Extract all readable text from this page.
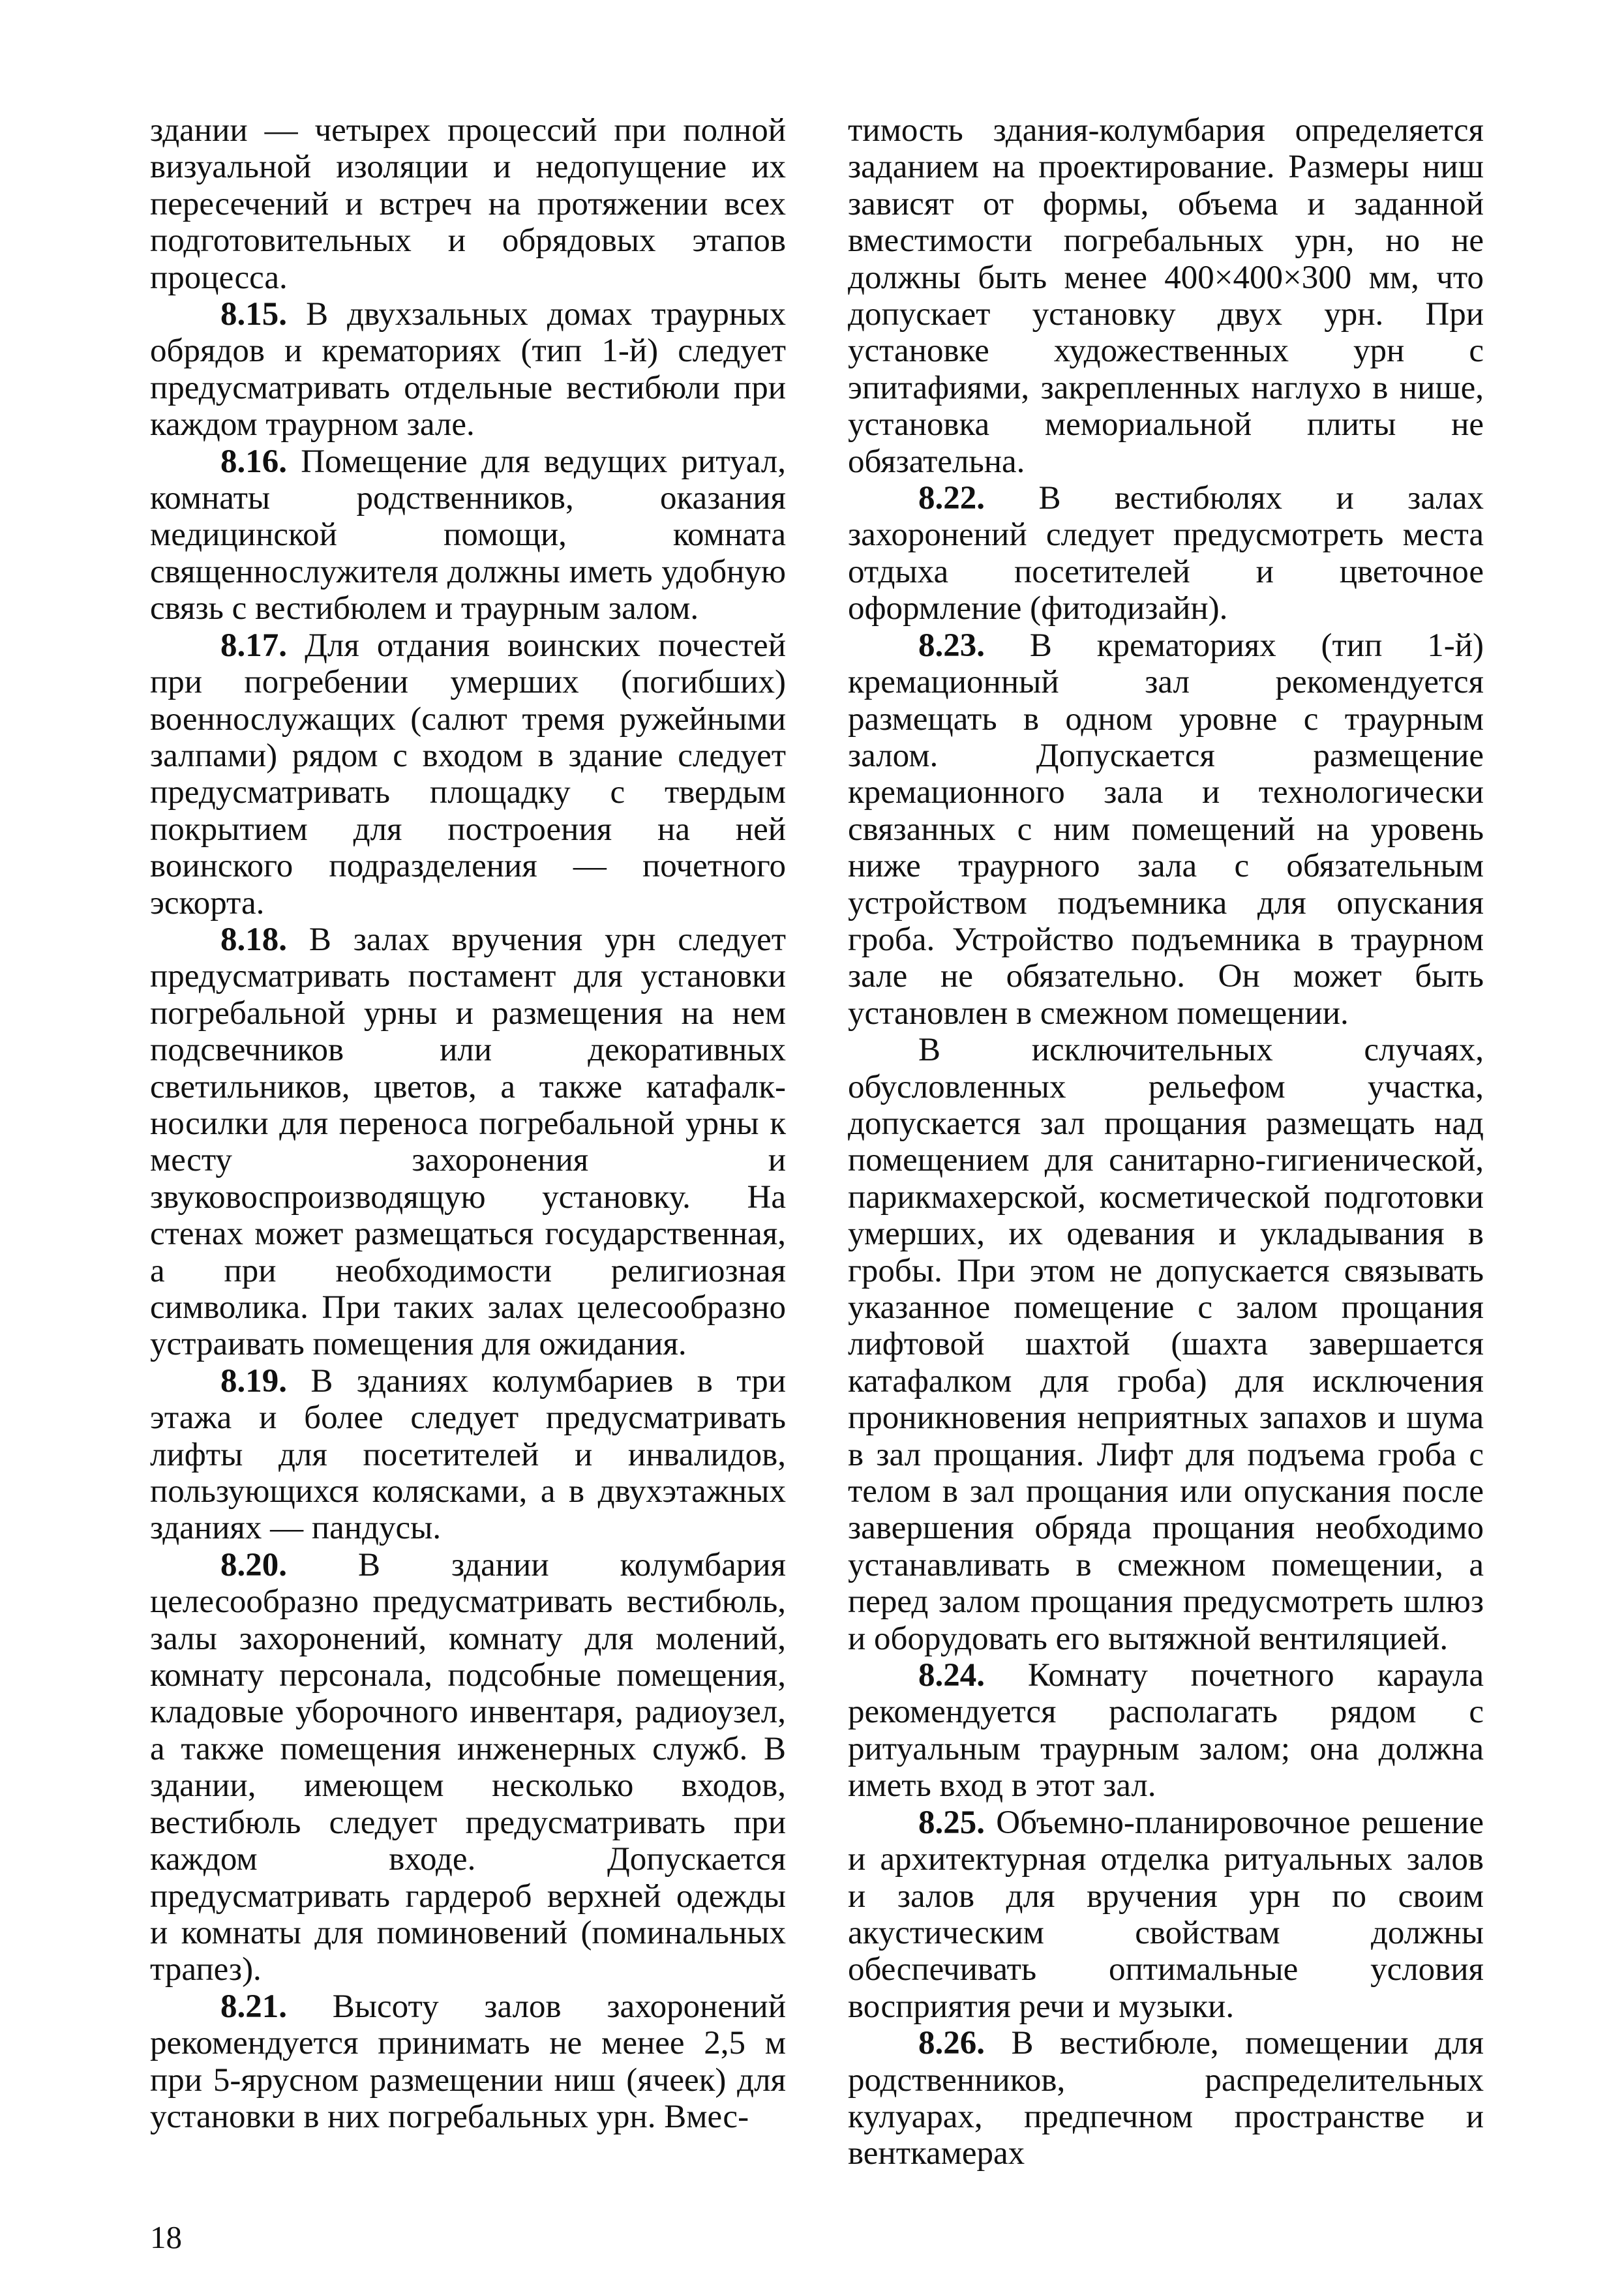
здании — четырех процессий при полной визуальной изоляции и недопущение их пересечений и встреч на протяжении всех подготовительных и обрядовых этапов процесса.

8.15. В двухзальных домах траурных обрядов и крематориях (тип 1-й) следует предусматривать отдельные вестибюли при каждом траурном зале.

8.16. Помещение для ведущих ритуал, комнаты родственников, оказания медицинской помощи, комната священнослужителя должны иметь удобную связь с вестибюлем и траурным залом.

8.17. Для отдания воинских почестей при погребении умерших (погибших) военнослужащих (салют тремя ружейными залпами) рядом с входом в здание следует предусматривать площадку с твердым покрытием для построения на ней воинского подразделения — почетного эскорта.

8.18. В залах вручения урн следует предусматривать постамент для установки погребальной урны и размещения на нем подсвечников или декоративных светильников, цветов, а также катафалк-носилки для переноса погребальной урны к месту захоронения и звуковоспроизводящую установку. На стенах может размещаться государственная, а при необходимости религиозная символика. При таких залах целесообразно устраивать помещения для ожидания.

8.19. В зданиях колумбариев в три этажа и более следует предусматривать лифты для посетителей и инвалидов, пользующихся колясками, а в двухэтажных зданиях — пандусы.

8.20. В здании колумбария целесообразно предусматривать вестибюль, залы захоронений, комнату для молений, комнату персонала, подсобные помещения, кладовые уборочного инвентаря, радиоузел, а также помещения инженерных служб. В здании, имеющем несколько входов, вестибюль следует предусматривать при каждом входе. Допускается предусматривать гардероб верхней одежды и комнаты для поминовений (поминальных трапез).

8.21. Высоту залов захоронений рекомендуется принимать не менее 2,5 м при 5-ярусном размещении ниш (ячеек) для установки в них погребальных урн. Вмес-

тимость здания-колумбария определяется заданием на проектирование. Размеры ниш зависят от формы, объема и заданной вместимости погребальных урн, но не должны быть менее 400×400×300 мм, что допускает установку двух урн. При установке художественных урн с эпитафиями, закрепленных наглухо в нише, установка мемориальной плиты не обязательна.

8.22. В вестибюлях и залах захоронений следует предусмотреть места отдыха посетителей и цветочное оформление (фитодизайн).

8.23. В крематориях (тип 1-й) кремационный зал рекомендуется размещать в одном уровне с траурным залом. Допускается размещение кремационного зала и технологически связанных с ним помещений на уровень ниже траурного зала с обязательным устройством подъемника для опускания гроба. Устройство подъемника в траурном зале не обязательно. Он может быть установлен в смежном помещении.

В исключительных случаях, обусловленных рельефом участка, допускается зал прощания размещать над помещением для санитарно-гигиенической, парикмахерской, косметической подготовки умерших, их одевания и укладывания в гробы. При этом не допускается связывать указанное помещение с залом прощания лифтовой шахтой (шахта завершается катафалком для гроба) для исключения проникновения неприятных запахов и шума в зал прощания. Лифт для подъема гроба с телом в зал прощания или опускания после завершения обряда прощания необходимо устанавливать в смежном помещении, а перед залом прощания предусмотреть шлюз и оборудовать его вытяжной вентиляцией.

8.24. Комнату почетного караула рекомендуется располагать рядом с ритуальным траурным залом; она должна иметь вход в этот зал.

8.25. Объемно-планировочное решение и архитектурная отделка ритуальных залов и залов для вручения урн по своим акустическим свойствам должны обеспечивать оптимальные условия восприятия речи и музыки.

8.26. В вестибюле, помещении для родственников, распределительных кулуарах, предпечном пространстве и венткамерах

18
